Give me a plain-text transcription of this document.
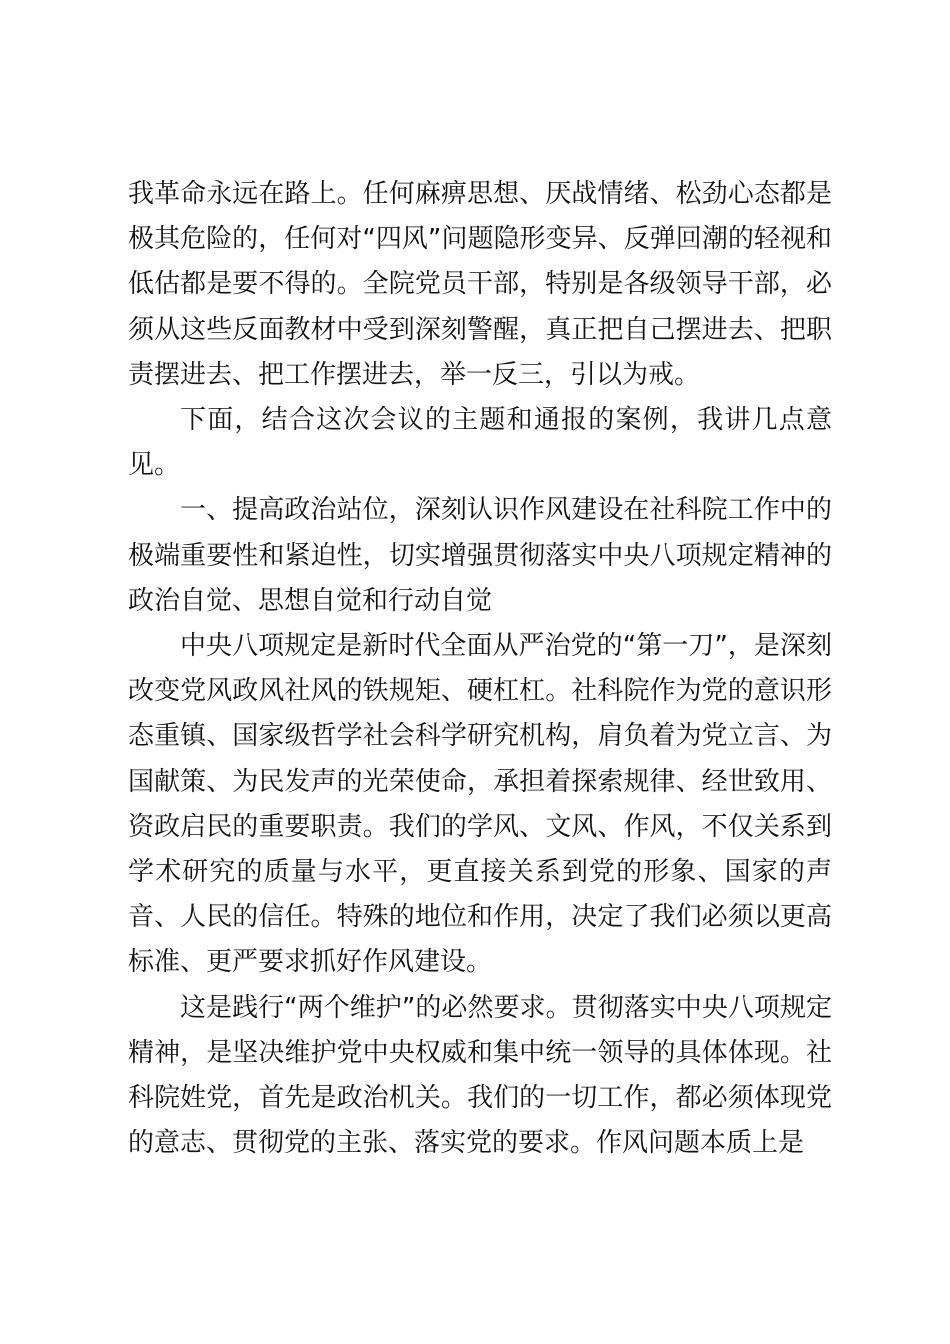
我革命永远在路上。任何麻痹思想、厌战情绪、松劲心态都是极其危险的，任何对“四风”问题隐形变异、反弹回潮的轻视和低估都是要不得的。全院党员干部，特别是各级领导干部，必须从这些反面教材中受到深刻警醒，真正把自己摆进去、把职责摆进去、把工作摆进去，举一反三，引以为戒。

下面，结合这次会议的主题和通报的案例，我讲几点意见。

一、提高政治站位，深刻认识作风建设在社科院工作中的极端重要性和紧迫性，切实增强贯彻落实中央八项规定精神的政治自觉、思想自觉和行动自觉

中央八项规定是新时代全面从严治党的“第一刀”，是深刻改变党风政风社风的铁规矩、硬杠杠。社科院作为党的意识形态重镇、国家级哲学社会科学研究机构，肩负着为党立言、为国献策、为民发声的光荣使命，承担着探索规律、经世致用、资政启民的重要职责。我们的学风、文风、作风，不仅关系到学术研究的质量与水平，更直接关系到党的形象、国家的声音、人民的信任。特殊的地位和作用，决定了我们必须以更高标准、更严要求抓好作风建设。

这是践行“两个维护”的必然要求。贯彻落实中央八项规定精神，是坚决维护党中央权威和集中统一领导的具体体现。社科院姓党，首先是政治机关。我们的一切工作，都必须体现党的意志、贯彻党的主张、落实党的要求。作风问题本质上是
